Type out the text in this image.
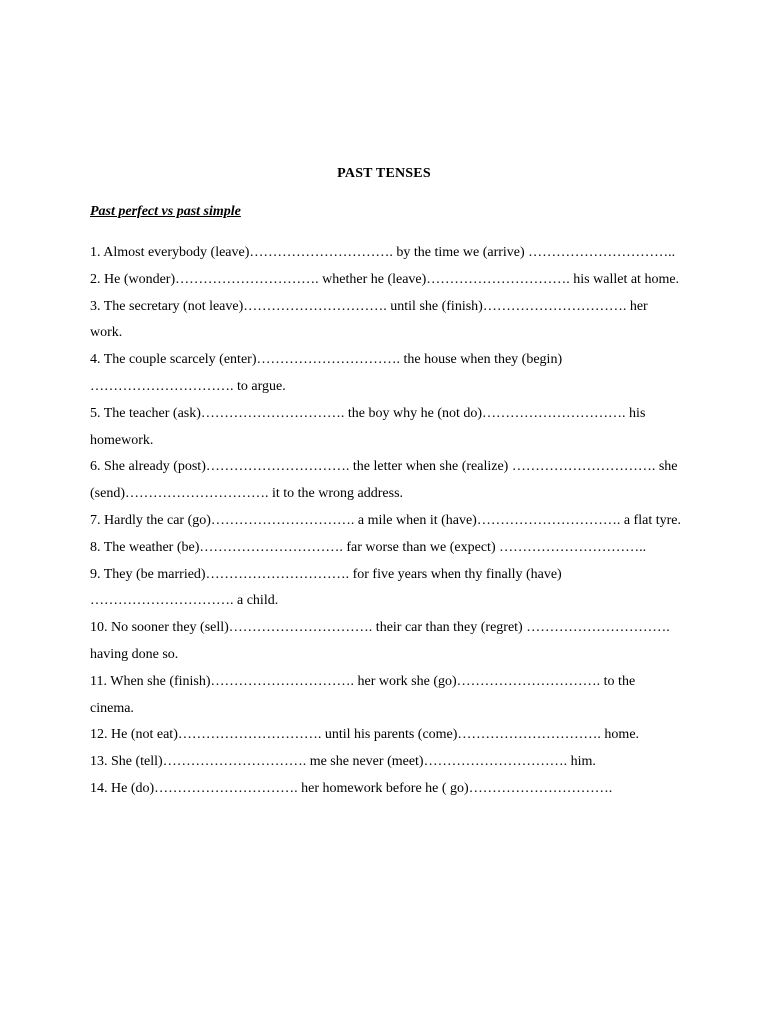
PAST TENSES
Past perfect vs past simple

1. Almost everybody (leave)…………………………. by the time we (arrive) …………………………..

2. He (wonder)…………………………. whether he (leave)…………………………. his wallet at home.

3. The secretary (not leave)…………………………. until she (finish)…………………………. her work.

4. The couple scarcely (enter)…………………………. the house when they (begin) …………………………. to argue.

5. The teacher (ask)…………………………. the boy why he (not do)…………………………. his homework.

6. She already (post)…………………………. the letter when she (realize) …………………………. she (send)…………………………. it to the wrong address.

7. Hardly the car (go)…………………………. a mile when it (have)…………………………. a flat tyre.

8. The weather (be)…………………………. far worse than we (expect) …………………………..

9. They (be married)…………………………. for five years when thy finally (have) …………………………. a child.

10. No sooner they (sell)…………………………. their car than they (regret) …………………………. having done so.

11. When she (finish)…………………………. her work she (go)…………………………. to the cinema.

12. He (not eat)…………………………. until his parents (come)…………………………. home.

13. She (tell)…………………………. me she never (meet)…………………………. him.

14. He (do)…………………………. her homework before he ( go)………………………….
